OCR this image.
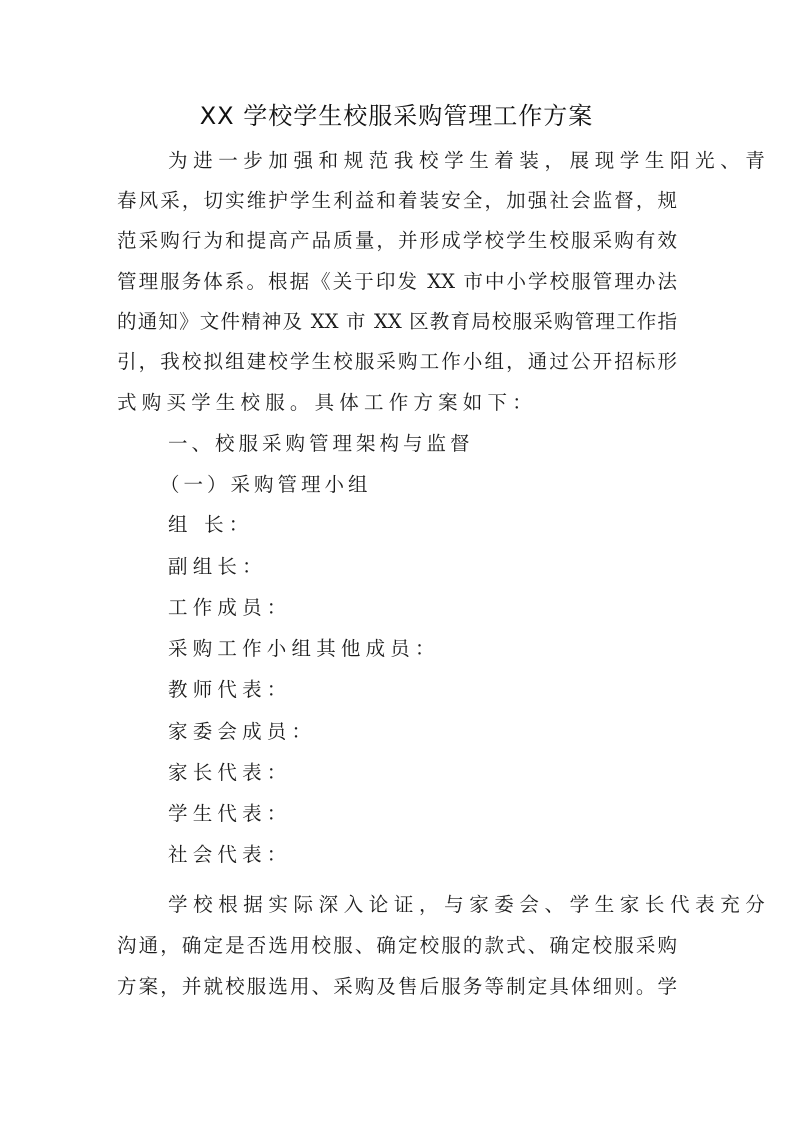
XX 学校学生校服采购管理工作方案
为进一步加强和规范我校学生着装，展现学生阳光、青
春风采，切实维护学生利益和着装安全，加强社会监督，规
范采购行为和提高产品质量，并形成学校学生校服采购有效
管理服务体系。根据《关于印发 XX 市中小学校服管理办法
的通知》文件精神及 XX 市 XX 区教育局校服采购管理工作指
引，我校拟组建校学生校服采购工作小组，通过公开招标形
式购买学生校服。具体工作方案如下：
一、校服采购管理架构与监督
（一）采购管理小组
组 长：
副组长：
工作成员：
采购工作小组其他成员：
教师代表：
家委会成员：
家长代表：
学生代表：
社会代表：
学校根据实际深入论证，与家委会、学生家长代表充分
沟通，确定是否选用校服、确定校服的款式、确定校服采购
方案，并就校服选用、采购及售后服务等制定具体细则。学
